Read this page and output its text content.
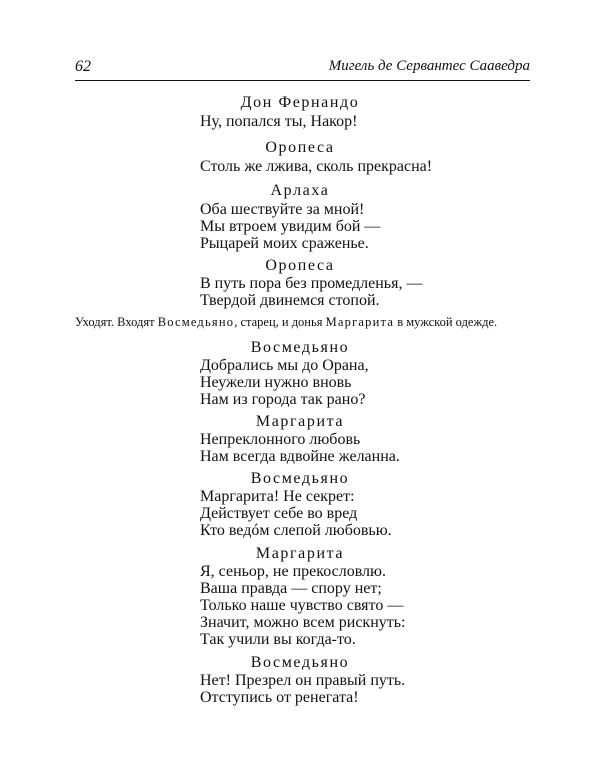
62	Мигель де Сервантес Сааведра
Дон Фернандо
Ну, попался ты, Накор!
Оропеса
Столь же лжива, сколь прекрасна!
Арлаха
Оба шествуйте за мной!
Мы втроем увидим бой —
Рыцарей моих сраженье.
Оропеса
В путь пора без промедленья, —
Твердой двинемся стопой.
Уходят. Входят Восмедьяно, старец, и донья Маргарита в мужской одежде.
Восмедьяно
Добрались мы до Орана,
Неужели нужно вновь
Нам из города так рано?
Маргарита
Непреклонного любовь
Нам всегда вдвойне желанна.
Восмедьяно
Маргарита! Не секрет:
Действует себе во вред
Кто ведóм слепой любовью.
Маргарита
Я, сеньор, не прекословлю.
Ваша правда — спору нет;
Только наше чувство свято —
Значит, можно всем рискнуть:
Так учили вы когда-то.
Восмедьяно
Нет! Презрел он правый путь.
Отступись от ренегата!
